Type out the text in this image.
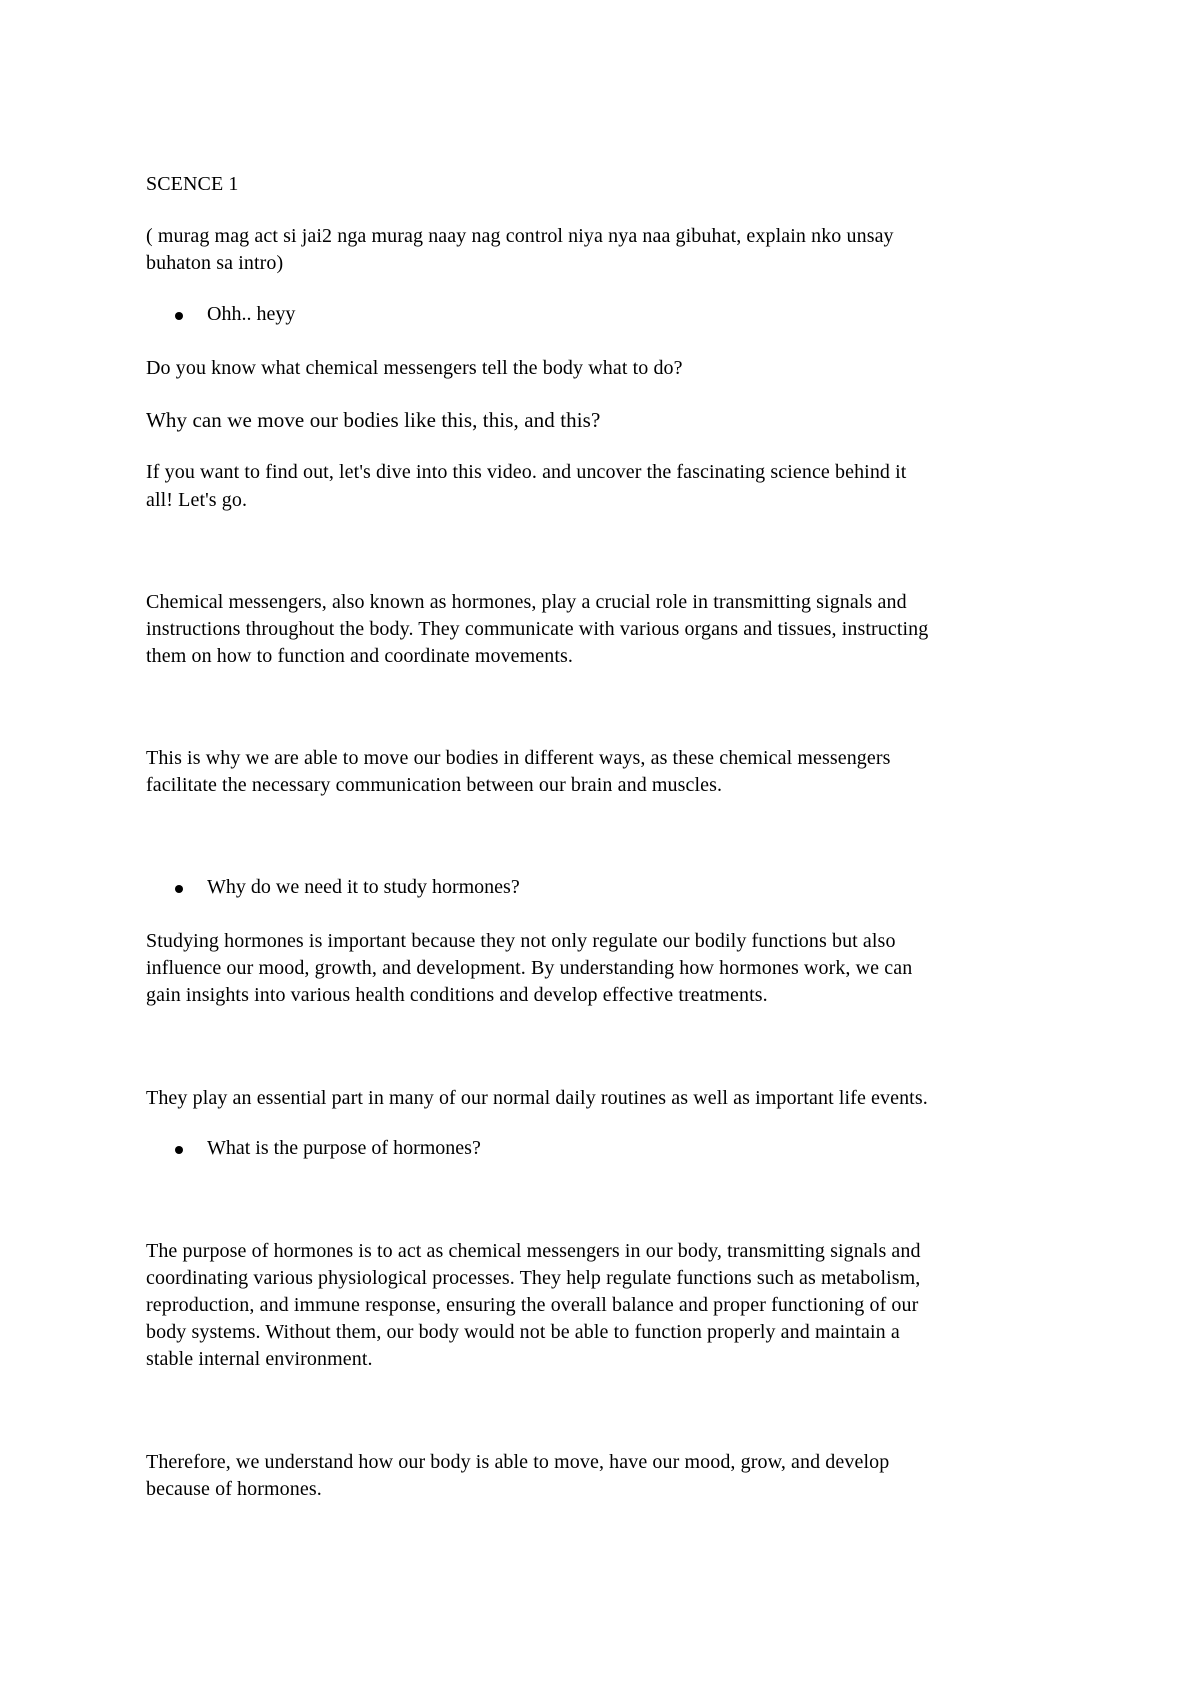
SCENCE 1

( murag mag act si jai2 nga murag naay nag control niya nya naa gibuhat, explain nko unsay

buhaton sa intro)

Ohh.. heyy

Do you know what chemical messengers tell the body what to do?

Why can we move our bodies like this, this, and this?

If you want to find out, let's dive into this video. and uncover the fascinating science behind it

all! Let's go.

Chemical messengers, also known as hormones, play a crucial role in transmitting signals and

instructions throughout the body. They communicate with various organs and tissues, instructing

them on how to function and coordinate movements.

This is why we are able to move our bodies in different ways, as these chemical messengers

facilitate the necessary communication between our brain and muscles.

Why do we need it to study hormones?

Studying hormones is important because they not only regulate our bodily functions but also

influence our mood, growth, and development. By understanding how hormones work, we can

gain insights into various health conditions and develop effective treatments.

They play an essential part in many of our normal daily routines as well as important life events.

What is the purpose of hormones?

The purpose of hormones is to act as chemical messengers in our body, transmitting signals and

coordinating various physiological processes. They help regulate functions such as metabolism,

reproduction, and immune response, ensuring the overall balance and proper functioning of our

body systems. Without them, our body would not be able to function properly and maintain a

stable internal environment.

Therefore, we understand how our body is able to move, have our mood, grow, and develop

because of hormones.
